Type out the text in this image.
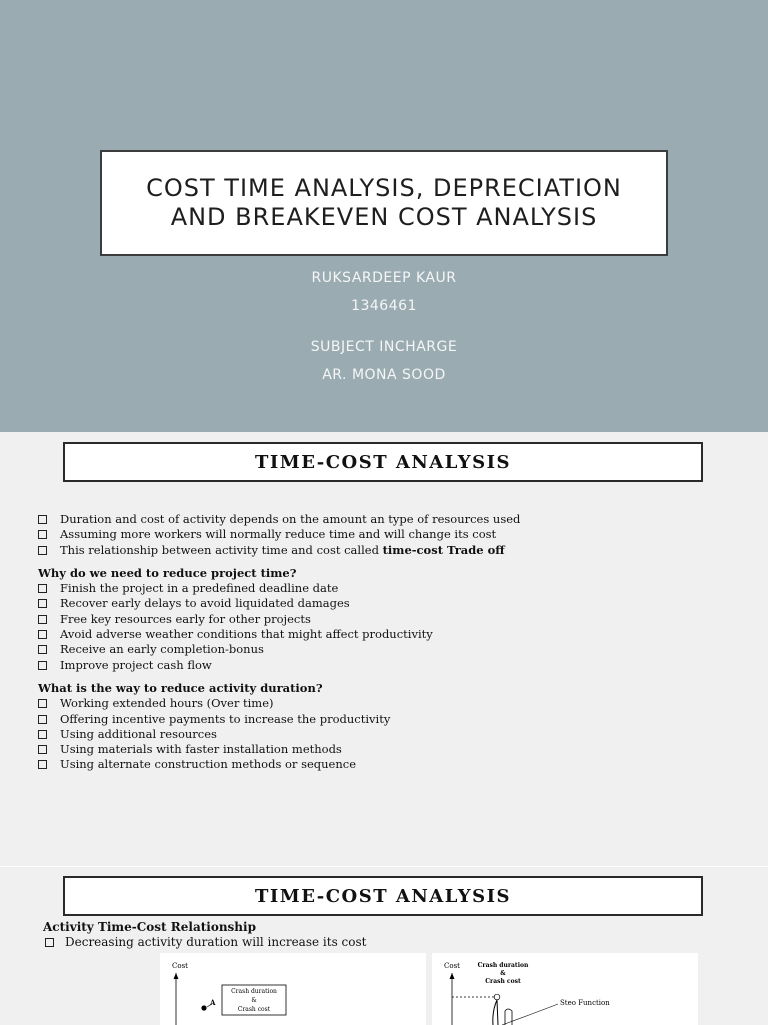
COST TIME ANALYSIS, DEPRECIATION
AND BREAKEVEN COST ANALYSIS
RUKSARDEEP KAUR
1346461
SUBJECT INCHARGE
AR. MONA SOOD
TIME-COST ANALYSIS
Duration and cost of activity depends on the amount an type of resources used
Assuming more workers will normally reduce time and will change its cost
This relationship between activity time and cost called time-cost Trade off
Why do we need to reduce project time?
Finish the project in a predefined deadline date
Recover early delays to avoid liquidated damages
Free key resources early for other projects
Avoid adverse weather conditions that might affect productivity
Receive an early completion-bonus
Improve project cash flow
What is the way to reduce activity duration?
Working extended hours (Over time)
Offering incentive payments to increase the productivity
Using additional resources
Using materials with faster installation methods
Using alternate construction methods or sequence
TIME-COST ANALYSIS
Activity Time-Cost Relationship
Decreasing activity duration will increase its cost
Cost
Crash duration
&
Crash cost
A
Cost	Crash duration
&
Crash cost
Steo Function
